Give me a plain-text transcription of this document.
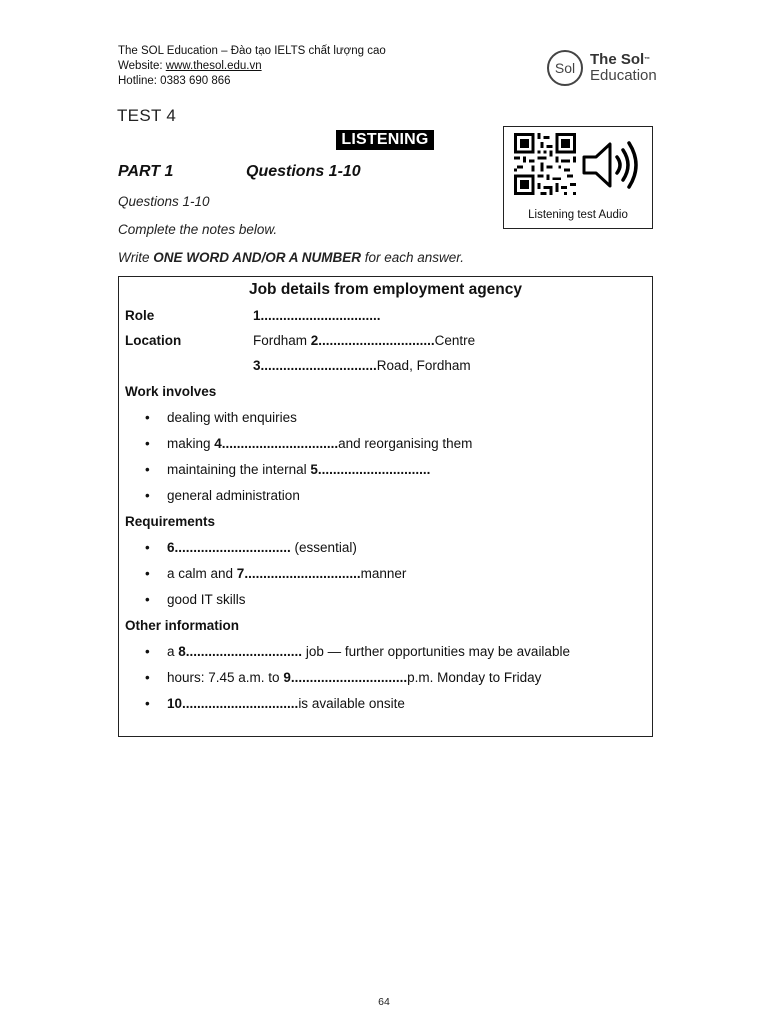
The SOL Education – Đào tạo IELTS chất lượng cao
Website: www.thesol.edu.vn
Hotline: 0383 690 866
Sol The Sol™
Education
TEST 4
LISTENING
PART 1	Questions 1-10
Listening test Audio
Questions 1-10
Complete the notes below.
Write ONE WORD AND/OR A NUMBER for each answer.
Job details from employment agency
Role	1................................
Location	Fordham 2...............................Centre
3...............................Road, Fordham
Work involves
• dealing with enquiries
• making 4...............................and reorganising them
• maintaining the internal 5..............................
• general administration
Requirements
• 6............................... (essential)
• a calm and 7...............................manner
• good IT skills
Other information
• a 8............................... job — further opportunities may be available
• hours: 7.45 a.m. to 9...............................p.m. Monday to Friday
• 10...............................is available onsite
64
